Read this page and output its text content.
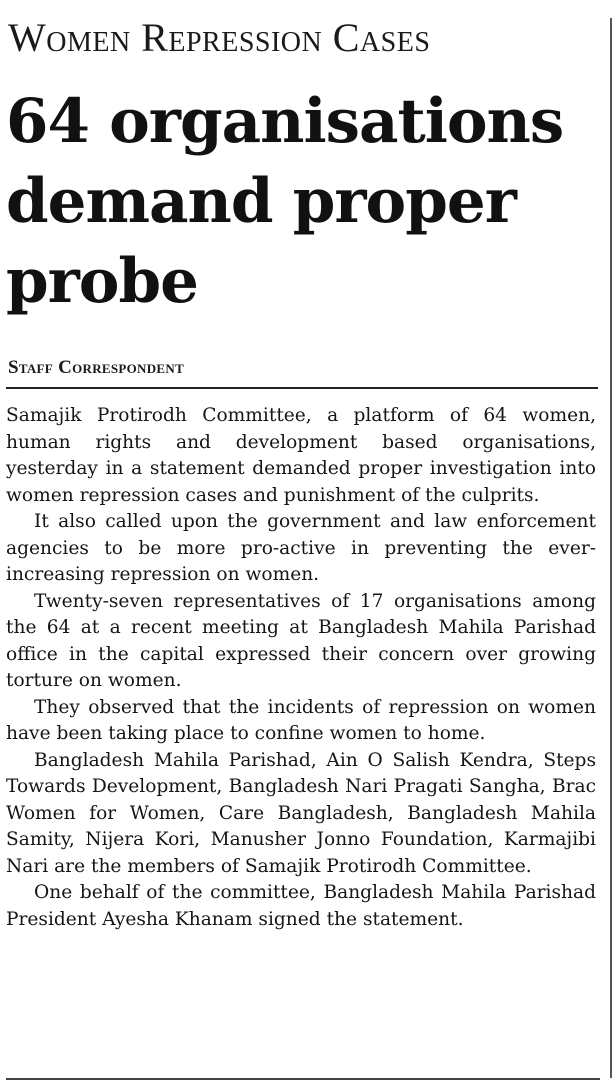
Women Repression Cases
64 organisations demand proper probe
Staff Correspondent

Samajik Protirodh Committee, a platform of 64 women, human rights and development based organisations, yesterday in a statement demanded proper investigation into women repression cases and punishment of the culprits.

It also called upon the government and law enforcement agencies to be more pro-active in preventing the ever-increasing repression on women.

Twenty-seven representatives of 17 organisations among the 64 at a recent meeting at Bangladesh Mahila Parishad office in the capital expressed their concern over growing torture on women.

They observed that the incidents of repression on women have been taking place to confine women to home.

Bangladesh Mahila Parishad, Ain O Salish Kendra, Steps Towards Development, Bangladesh Nari Pragati Sangha, Brac Women for Women, Care Bangladesh, Bangladesh Mahila Samity, Nijera Kori, Manusher Jonno Foundation, Karmajibi Nari are the members of Samajik Protirodh Committee.

One behalf of the committee, Bangladesh Mahila Parishad President Ayesha Khanam signed the statement.
